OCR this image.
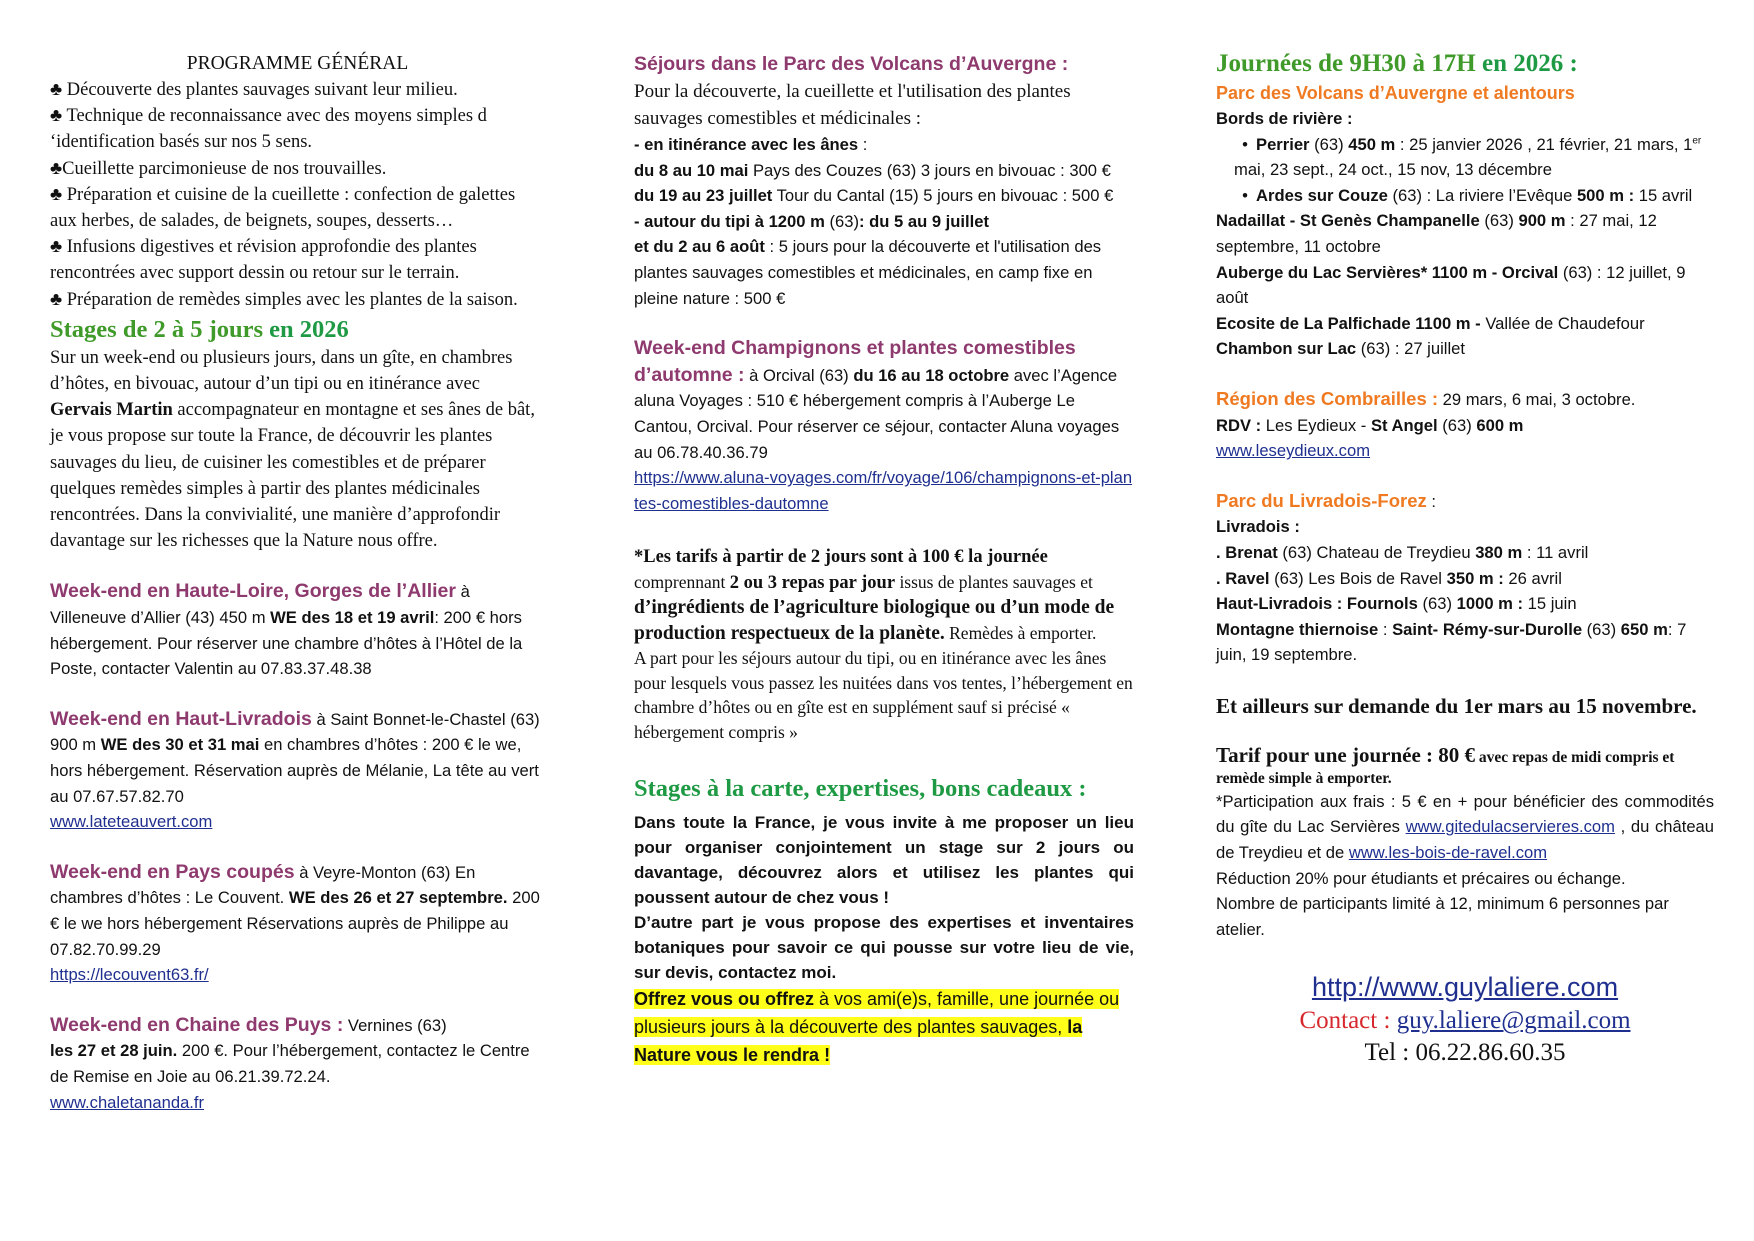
PROGRAMME GÉNÉRAL

♣ Découverte des plantes sauvages suivant leur milieu.

♣ Technique de reconnaissance avec des moyens simples d ‘identification basés sur nos 5 sens.

♣Cueillette parcimonieuse de nos trouvailles.

♣ Préparation et cuisine de la cueillette : confection de galettes aux herbes, de salades, de beignets, soupes, desserts…

♣ Infusions digestives et révision approfondie des plantes rencontrées avec support dessin ou retour sur le terrain.

♣ Préparation de remèdes simples avec les plantes de la saison.

Stages de 2 à 5 jours en 2026

Sur un week-end ou plusieurs jours, dans un gîte, en chambres d’hôtes, en bivouac, autour d’un tipi ou en itinérance avec Gervais Martin accompagnateur en montagne et ses ânes de bât, je vous propose sur toute la France, de découvrir les plantes sauvages du lieu, de cuisiner les comestibles et de préparer quelques remèdes simples à partir des plantes médicinales rencontrées. Dans la convivialité, une manière d’approfondir davantage sur les richesses que la Nature nous offre.

Week-end en Haute-Loire, Gorges de l’Allier à Villeneuve d’Allier (43) 450 m WE des 18 et 19 avril: 200 € hors hébergement. Pour réserver une chambre d’hôtes à l’Hôtel de la Poste, contacter Valentin au 07.83.37.48.38

Week-end en Haut-Livradois à Saint Bonnet-le-Chastel (63) 900 m WE des 30 et 31 mai en chambres d’hôtes : 200 € le we, hors hébergement. Réservation auprès de Mélanie, La tête au vert au 07.67.57.82.70
www.lateteauvert.com

Week-end en Pays coupés à Veyre-Monton (63) En chambres d’hôtes : Le Couvent. WE des 26 et 27 septembre. 200 € le we hors hébergement Réservations auprès de Philippe au 07.82.70.99.29
https://lecouvent63.fr/

Week-end en Chaine des Puys : Vernines (63)
les 27 et 28 juin. 200 €. Pour l’hébergement, contactez le Centre de Remise en Joie au 06.21.39.72.24.
www.chaletananda.fr

Séjours dans le Parc des Volcans d’Auvergne :

Pour la découverte, la cueillette et l'utilisation des plantes sauvages comestibles et médicinales :

- en itinérance avec les ânes :

du 8 au 10 mai Pays des Couzes (63) 3 jours en bivouac : 300 €

du 19 au 23 juillet Tour du Cantal (15) 5 jours en bivouac : 500 €

- autour du tipi à 1200 m (63): du 5 au 9 juillet
et du 2 au 6 août : 5 jours pour la découverte et l'utilisation des plantes sauvages comestibles et médicinales, en camp fixe en pleine nature : 500 €

Week-end Champignons et plantes comestibles d’automne : à Orcival (63) du 16 au 18 octobre avec l’Agence aluna Voyages : 510 € hébergement compris à l’Auberge Le Cantou, Orcival. Pour réserver ce séjour, contacter Aluna voyages au 06.78.40.36.79
https://www.aluna-voyages.com/fr/voyage/106/champignons-et-plantes-comestibles-dautomne

*Les tarifs à partir de 2 jours sont à 100 € la journée comprennant 2 ou 3 repas par jour issus de plantes sauvages et d’ingrédients de l’agriculture biologique ou d’un mode de production respectueux de la planète. Remèdes à emporter.

A part pour les séjours autour du tipi, ou en itinérance avec les ânes pour lesquels vous passez les nuitées dans vos tentes, l’hébergement en chambre d’hôtes ou en gîte est en supplément sauf si précisé « hébergement compris »

Stages à la carte, expertises, bons cadeaux :

Dans toute la France, je vous invite à me proposer un lieu pour organiser conjointement un stage sur 2 jours ou davantage, découvrez alors et utilisez les plantes qui poussent autour de chez vous !

D’autre part je vous propose des expertises et inventaires botaniques pour savoir ce qui pousse sur votre lieu de vie, sur devis, contactez moi.

Offrez vous ou offrez à vos ami(e)s, famille, une journée ou plusieurs jours à la découverte des plantes sauvages, la Nature vous le rendra !

Journées de 9H30 à 17H en 2026 :

Parc des Volcans d’Auvergne et alentours

Bords de rivière :

• Perrier (63) 450 m : 25 janvier 2026 , 21 février, 21 mars, 1er mai, 23 sept., 24 oct., 15 nov, 13 décembre

• Ardes sur Couze (63) : La riviere l’Evêque 500 m : 15 avril

Nadaillat - St Genès Champanelle (63) 900 m : 27 mai, 12 septembre, 11 octobre

Auberge du Lac Servières* 1100 m - Orcival (63) : 12 juillet, 9 août

Ecosite de La Palfichade 1100 m - Vallée de Chaudefour

Chambon sur Lac (63) : 27 juillet

Région des Combrailles : 29 mars, 6 mai, 3 octobre.

RDV : Les Eydieux - St Angel (63) 600 m

www.leseydieux.com

Parc du Livradois-Forez :

Livradois :

. Brenat (63) Chateau de Treydieu 380 m : 11 avril

. Ravel (63) Les Bois de Ravel 350 m : 26 avril

Haut-Livradois : Fournols (63) 1000 m : 15 juin

Montagne thiernoise : Saint- Rémy-sur-Durolle (63) 650 m: 7 juin, 19 septembre.

Et ailleurs sur demande du 1er mars au 15 novembre.

Tarif pour une journée : 80 € avec repas de midi compris et remède simple à emporter.

*Participation aux frais : 5 € en + pour bénéficier des commodités du gîte du Lac Servières www.gitedulacservieres.com , du château de Treydieu et de www.les-bois-de-ravel.com

Réduction 20% pour étudiants et précaires ou échange.

Nombre de participants limité à 12, minimum 6 personnes par atelier.

http://www.guylaliere.com

Contact : guy.laliere@gmail.com

Tel : 06.22.86.60.35
